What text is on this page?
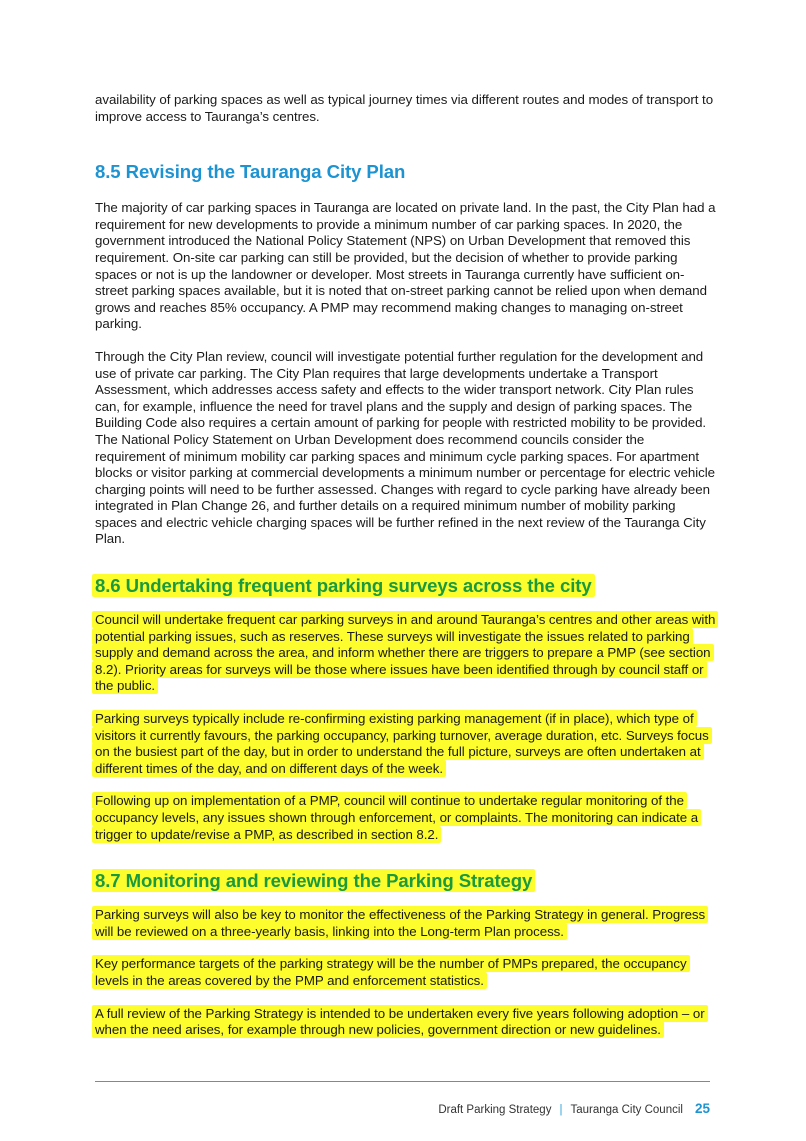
availability of parking spaces as well as typical journey times via different routes and modes of transport to improve access to Tauranga’s centres.

8.5 Revising the Tauranga City Plan

The majority of car parking spaces in Tauranga are located on private land. In the past, the City Plan had a requirement for new developments to provide a minimum number of car parking spaces. In 2020, the government introduced the National Policy Statement (NPS) on Urban Development that removed this requirement. On-site car parking can still be provided, but the decision of whether to provide parking spaces or not is up the landowner or developer. Most streets in Tauranga currently have sufficient on-street parking spaces available, but it is noted that on-street parking cannot be relied upon when demand grows and reaches 85% occupancy. A PMP may recommend making changes to managing on-street parking.

Through the City Plan review, council will investigate potential further regulation for the development and use of private car parking. The City Plan requires that large developments undertake a Transport Assessment, which addresses access safety and effects to the wider transport network. City Plan rules can, for example, influence the need for travel plans and the supply and design of parking spaces. The Building Code also requires a certain amount of parking for people with restricted mobility to be provided. The National Policy Statement on Urban Development does recommend councils consider the requirement of minimum mobility car parking spaces and minimum cycle parking spaces. For apartment blocks or visitor parking at commercial developments a minimum number or percentage for electric vehicle charging points will need to be further assessed. Changes with regard to cycle parking have already been integrated in Plan Change 26, and further details on a required minimum number of mobility parking spaces and electric vehicle charging spaces will be further refined in the next review of the Tauranga City Plan.

8.6 Undertaking frequent parking surveys across the city

Council will undertake frequent car parking surveys in and around Tauranga’s centres and other areas with potential parking issues, such as reserves. These surveys will investigate the issues related to parking supply and demand across the area, and inform whether there are triggers to prepare a PMP (see section 8.2). Priority areas for surveys will be those where issues have been identified through by council staff or the public.

Parking surveys typically include re-confirming existing parking management (if in place), which type of visitors it currently favours, the parking occupancy, parking turnover, average duration, etc. Surveys focus on the busiest part of the day, but in order to understand the full picture, surveys are often undertaken at different times of the day, and on different days of the week.

Following up on implementation of a PMP, council will continue to undertake regular monitoring of the occupancy levels, any issues shown through enforcement, or complaints. The monitoring can indicate a trigger to update/revise a PMP, as described in section 8.2.

8.7 Monitoring and reviewing the Parking Strategy

Parking surveys will also be key to monitor the effectiveness of the Parking Strategy in general. Progress will be reviewed on a three-yearly basis, linking into the Long-term Plan process.

Key performance targets of the parking strategy will be the number of PMPs prepared, the occupancy levels in the areas covered by the PMP and enforcement statistics.

A full review of the Parking Strategy is intended to be undertaken every five years following adoption – or when the need arises, for example through new policies, government direction or new guidelines.

Draft Parking Strategy | Tauranga City Council 25
